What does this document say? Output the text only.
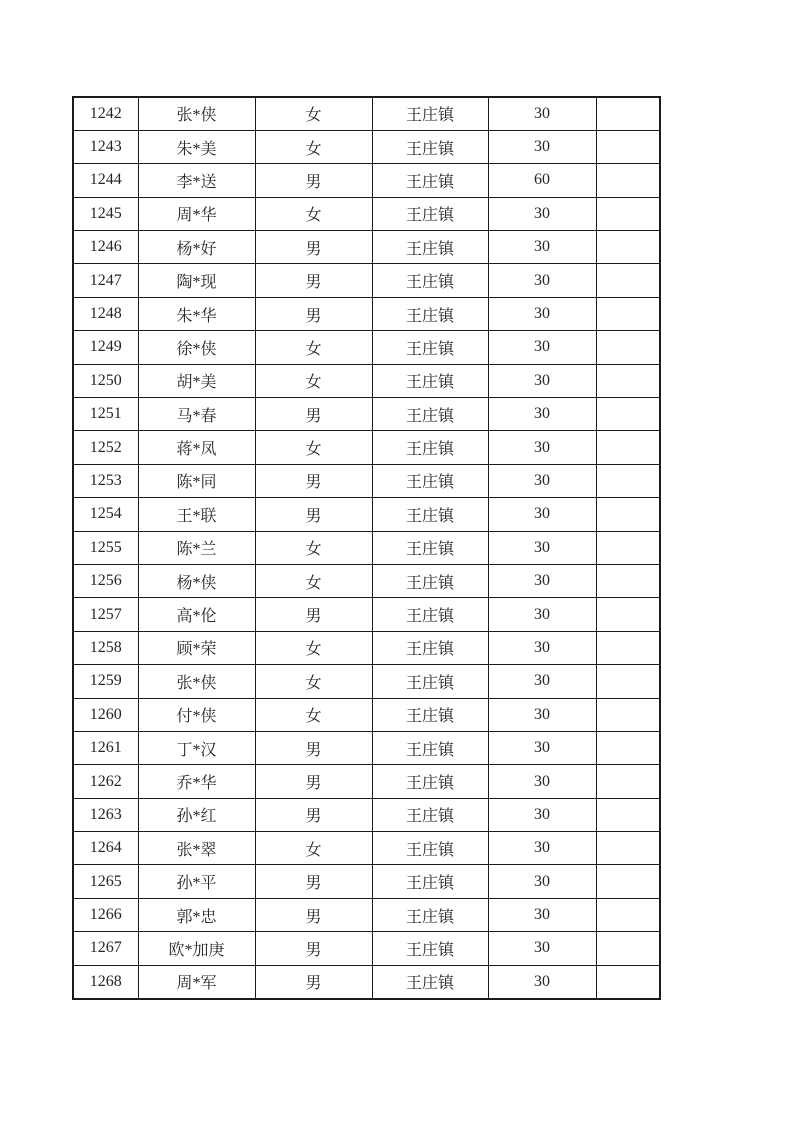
1242	张*侠	女	王庄镇	30	
1243	朱*美	女	王庄镇	30	
1244	李*送	男	王庄镇	60	
1245	周*华	女	王庄镇	30	
1246	杨*好	男	王庄镇	30	
1247	陶*现	男	王庄镇	30	
1248	朱*华	男	王庄镇	30	
1249	徐*侠	女	王庄镇	30	
1250	胡*美	女	王庄镇	30	
1251	马*春	男	王庄镇	30	
1252	蒋*凤	女	王庄镇	30	
1253	陈*同	男	王庄镇	30	
1254	王*联	男	王庄镇	30	
1255	陈*兰	女	王庄镇	30	
1256	杨*侠	女	王庄镇	30	
1257	高*伦	男	王庄镇	30	
1258	顾*荣	女	王庄镇	30	
1259	张*侠	女	王庄镇	30	
1260	付*侠	女	王庄镇	30	
1261	丁*汉	男	王庄镇	30	
1262	乔*华	男	王庄镇	30	
1263	孙*红	男	王庄镇	30	
1264	张*翠	女	王庄镇	30	
1265	孙*平	男	王庄镇	30	
1266	郭*忠	男	王庄镇	30	
1267	欧*加庚	男	王庄镇	30	
1268	周*军	男	王庄镇	30	
